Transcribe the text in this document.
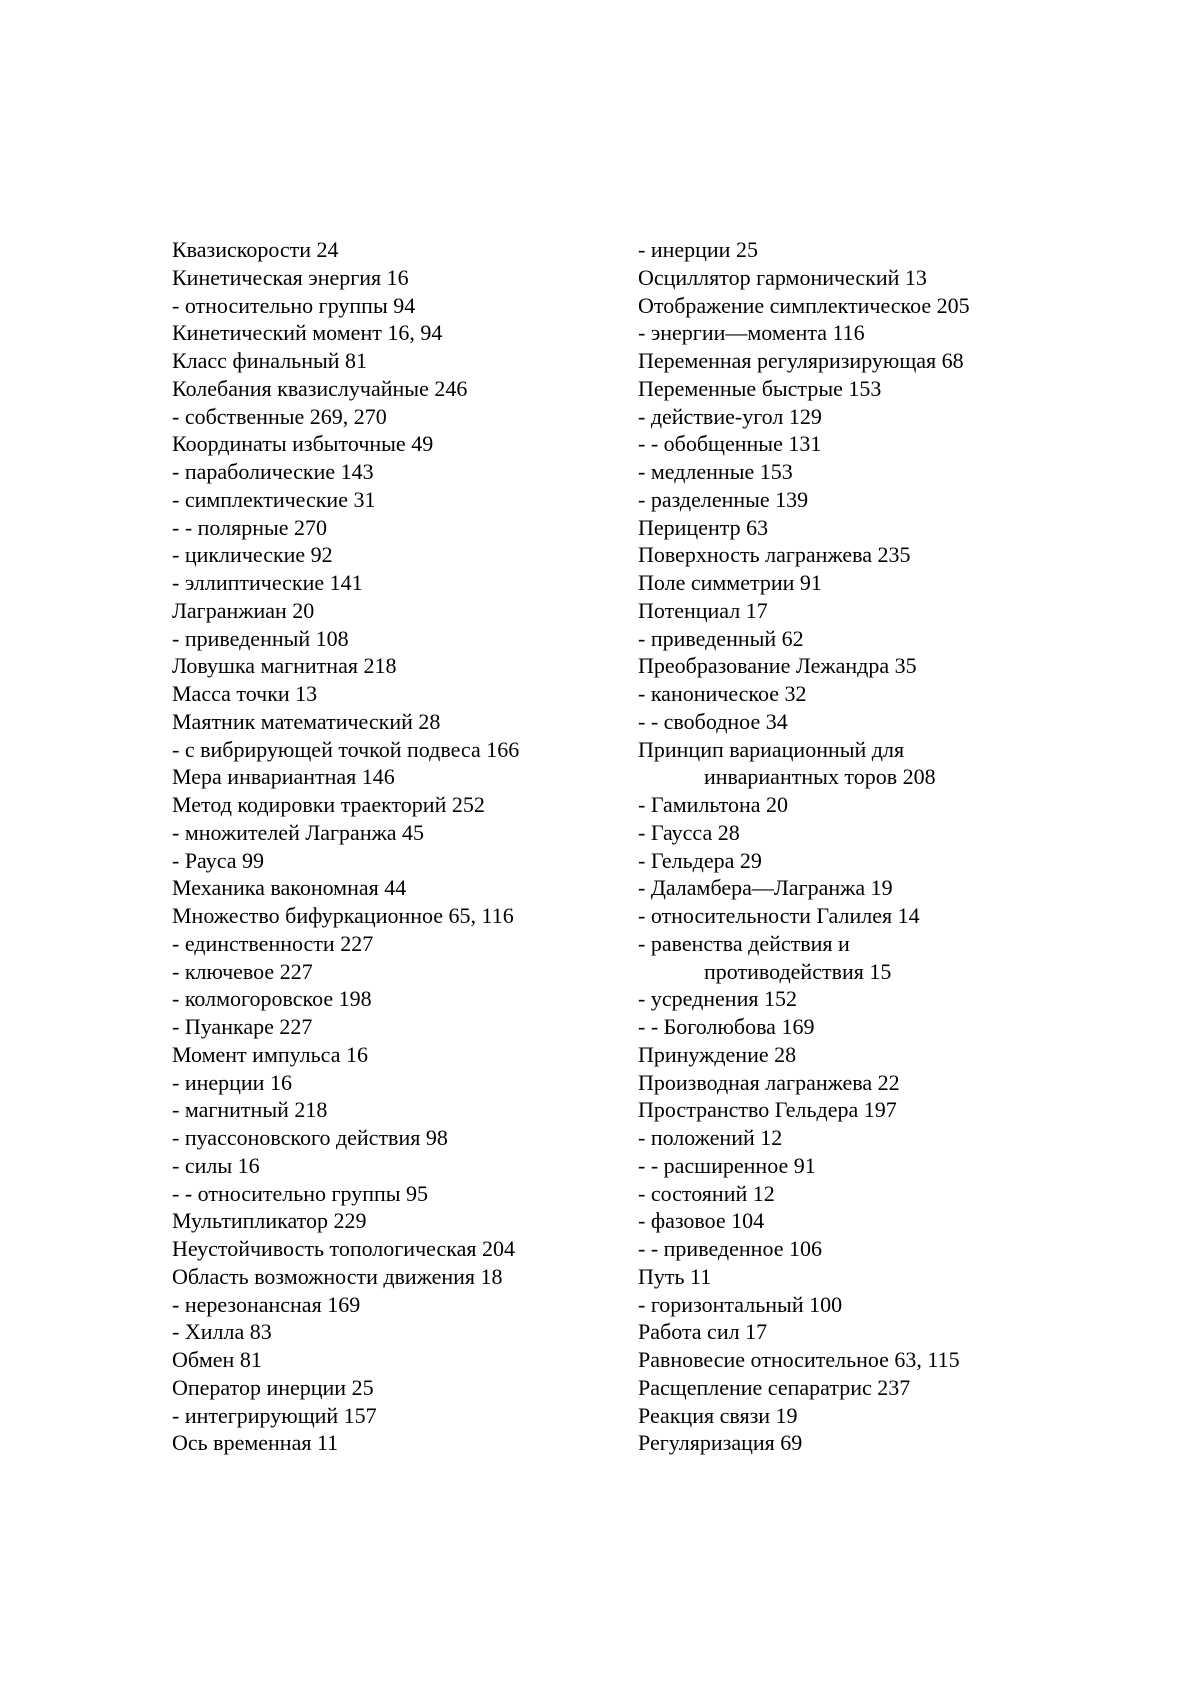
Квазискорости 24
Кинетическая энергия 16
- относительно группы 94
Кинетический момент 16, 94
Класс финальный 81
Колебания квазислучайные 246
- собственные 269, 270
Координаты избыточные 49
- параболические 143
- симплектические 31
- - полярные 270
- циклические 92
- эллиптические 141
Лагранжиан 20
- приведенный 108
Ловушка магнитная 218
Масса точки 13
Маятник математический 28
- с вибрирующей точкой подвеса 166
Мера инвариантная 146
Метод кодировки траекторий 252
- множителей Лагранжа 45
- Рауса 99
Механика вакономная 44
Множество бифуркационное 65, 116
- единственности 227
- ключевое 227
- колмогоровское 198
- Пуанкаре 227
Момент импульса 16
- инерции 16
- магнитный 218
- пуассоновского действия 98
- силы 16
- - относительно группы 95
Мультипликатор 229
Неустойчивость топологическая 204
Область возможности движения 18
- нерезонансная 169
- Хилла 83
Обмен 81
Оператор инерции 25
- интегрирующий 157
Ось временная 11
- инерции 25
Осциллятор гармонический 13
Отображение симплектическое 205
- энергии—момента 116
Переменная регуляризирующая 68
Переменные быстрые 153
- действие-угол 129
- - обобщенные 131
- медленные 153
- разделенные 139
Перицентр 63
Поверхность лагранжева 235
Поле симметрии 91
Потенциал 17
- приведенный 62
Преобразование Лежандра 35
- каноническое 32
- - свободное 34
Принцип вариационный для
инвариантных торов 208
- Гамильтона 20
- Гаусса 28
- Гельдера 29
- Даламбера—Лагранжа 19
- относительности Галилея 14
- равенства действия и
противодействия 15
- усреднения 152
- - Боголюбова 169
Принуждение 28
Производная лагранжева 22
Пространство Гельдера 197
- положений 12
- - расширенное 91
- состояний 12
- фазовое 104
- - приведенное 106
Путь 11
- горизонтальный 100
Работа сил 17
Равновесие относительное 63, 115
Расщепление сепаратрис 237
Реакция связи 19
Регуляризация 69
